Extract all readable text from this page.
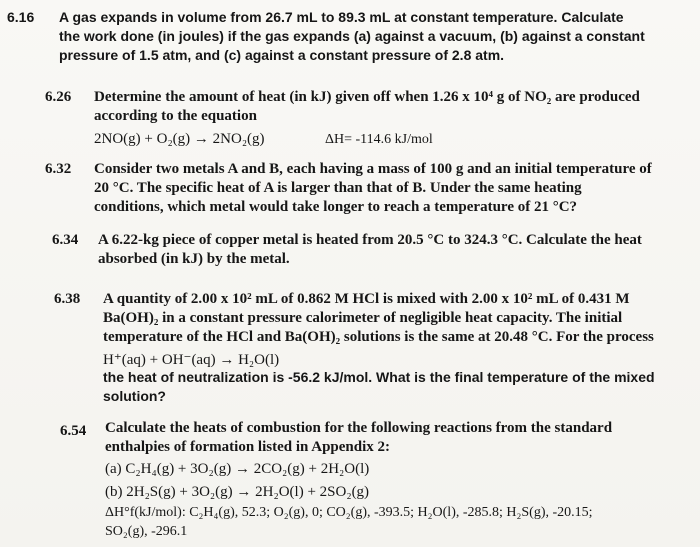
6.16 A gas expands in volume from 26.7 mL to 89.3 mL at constant temperature. Calculate
the work done (in joules) if the gas expands (a) against a vacuum, (b) against a constant
pressure of 1.5 atm, and (c) against a constant pressure of 2.8 atm.
6.26 Determine the amount of heat (in kJ) given off when 1.26 x 10⁴ g of NO₂ are produced
according to the equation
2NO(g) + O₂(g) → 2NO₂(g)	ΔH= -114.6 kJ/mol
6.32 Consider two metals A and B, each having a mass of 100 g and an initial temperature of
20 °C. The specific heat of A is larger than that of B. Under the same heating
conditions, which metal would take longer to reach a temperature of 21 °C?
6.34 A 6.22-kg piece of copper metal is heated from 20.5 °C to 324.3 °C. Calculate the heat
absorbed (in kJ) by the metal.
6.38 A quantity of 2.00 x 10² mL of 0.862 M HCl is mixed with 2.00 x 10² mL of 0.431 M
Ba(OH)₂ in a constant pressure calorimeter of negligible heat capacity. The initial
temperature of the HCl and Ba(OH)₂ solutions is the same at 20.48 °C. For the process
H⁺(aq) + OH⁻(aq) → H₂O(l)
the heat of neutralization is -56.2 kJ/mol. What is the final temperature of the mixed
solution?
6.54 Calculate the heats of combustion for the following reactions from the standard
enthalpies of formation listed in Appendix 2:
(a) C₂H₄(g) + 3O₂(g) → 2CO₂(g) + 2H₂O(l)
(b) 2H₂S(g) + 3O₂(g) → 2H₂O(l) + 2SO₂(g)
ΔH°f(kJ/mol): C₂H₄(g), 52.3; O₂(g), 0; CO₂(g), -393.5; H₂O(l), -285.8; H₂S(g), -20.15;
SO₂(g), -296.1
